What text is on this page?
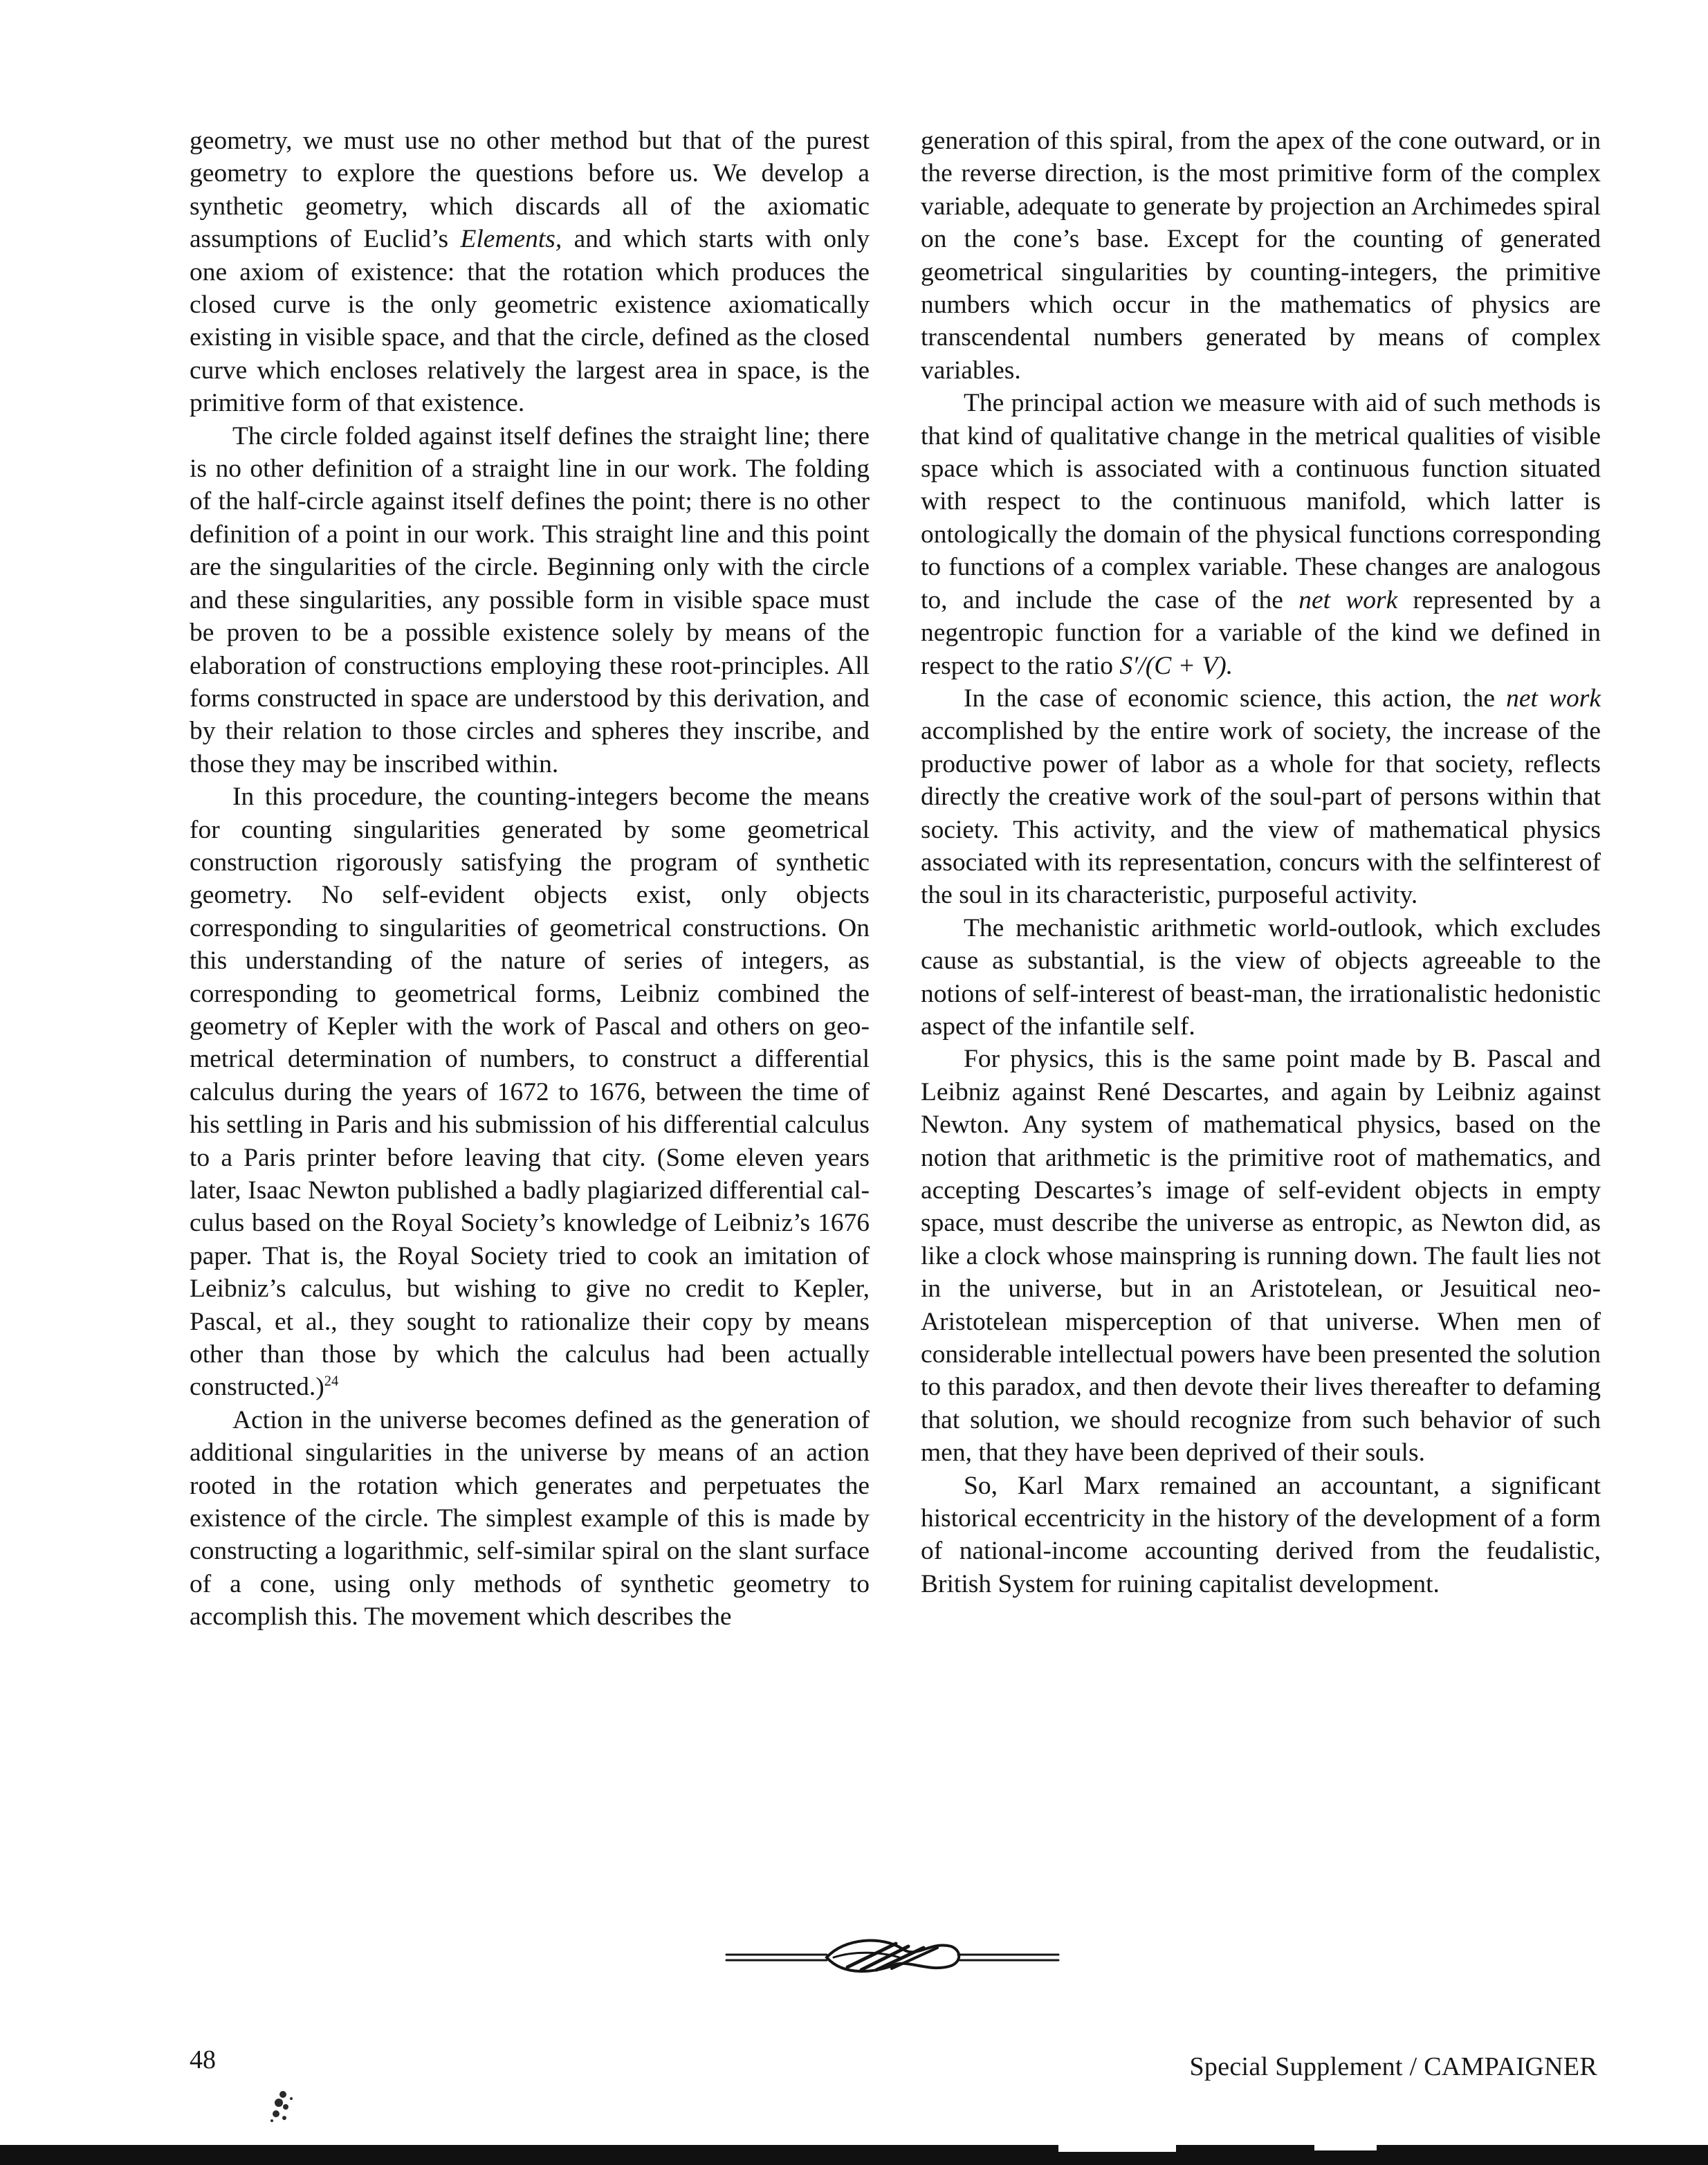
geometry, we must use no other method but that of the purest geometry to explore the questions before us. We develop a synthetic geometry, which discards all of the axiomatic assumptions of Euclid’s Elements, and which starts with only one axiom of existence: that the rotation which produces the closed curve is the only geometric existence axiomatically existing in visible space, and that the circle, defined as the closed curve which encloses relatively the largest area in space, is the primitive form of that existence.

The circle folded against itself defines the straight line; there is no other definition of a straight line in our work. The folding of the half-circle against itself defines the point; there is no other definition of a point in our work. This straight line and this point are the singularities of the circle. Beginning only with the circle and these singularities, any possible form in visible space must be proven to be a possible existence solely by means of the elaboration of constructions employing these root-principles. All forms constructed in space are understood by this derivation, and by their relation to those circles and spheres they inscribe, and those they may be inscribed within.

In this procedure, the counting-integers become the means for counting singularities generated by some geometrical construction rigorously satisfying the program of synthetic geometry. No self-evident objects exist, only objects corresponding to singularities of geometrical constructions. On this understanding of the nature of series of integers, as corresponding to geometrical forms, Leibniz combined the geometry of Kepler with the work of Pascal and others on geometrical determination of numbers, to construct a differential calculus during the years of 1672 to 1676, between the time of his settling in Paris and his submission of his differential calculus to a Paris printer before leaving that city. (Some eleven years later, Isaac Newton published a badly plagiarized differential calculus based on the Royal Society’s knowledge of Leibniz’s 1676 paper. That is, the Royal Society tried to cook an imitation of Leibniz’s calculus, but wishing to give no credit to Kepler, Pascal, et al., they sought to rationalize their copy by means other than those by which the calculus had been actually constructed.)$^{24}$

Action in the universe becomes defined as the generation of additional singularities in the universe by means of an action rooted in the rotation which generates and perpetuates the existence of the circle. The simplest example of this is made by constructing a logarithmic, self-similar spiral on the slant surface of a cone, using only methods of synthetic geometry to accomplish this. The movement which describes the

generation of this spiral, from the apex of the cone outward, or in the reverse direction, is the most primitive form of the complex variable, adequate to generate by projection an Archimedes spiral on the cone’s base. Except for the counting of generated geometrical singularities by counting-integers, the primitive numbers which occur in the mathematics of physics are transcendental numbers generated by means of complex variables.

The principal action we measure with aid of such methods is that kind of qualitative change in the metrical qualities of visible space which is associated with a continuous function situated with respect to the continuous manifold, which latter is ontologically the domain of the physical functions corresponding to functions of a complex variable. These changes are analogous to, and include the case of the net work represented by a negentropic function for a variable of the kind we defined in respect to the ratio S′/(C + V).

In the case of economic science, this action, the net work accomplished by the entire work of society, the increase of the productive power of labor as a whole for that society, reflects directly the creative work of the soul-part of persons within that society. This activity, and the view of mathematical physics associated with its representation, concurs with the selfinterest of the soul in its characteristic, purposeful activity.

The mechanistic arithmetic world-outlook, which excludes cause as substantial, is the view of objects agreeable to the notions of self-interest of beast-man, the irrationalistic hedonistic aspect of the infantile self.

For physics, this is the same point made by B. Pascal and Leibniz against René Descartes, and again by Leibniz against Newton. Any system of mathematical physics, based on the notion that arithmetic is the primitive root of mathematics, and accepting Descartes’s image of self-evident objects in empty space, must describe the universe as entropic, as Newton did, as like a clock whose mainspring is running down. The fault lies not in the universe, but in an Aristotelean, or Jesuitical neo-Aristotelean misperception of that universe. When men of considerable intellectual powers have been presented the solution to this paradox, and then devote their lives thereafter to defaming that solution, we should recognize from such behavior of such men, that they have been deprived of their souls.

So, Karl Marx remained an accountant, a significant historical eccentricity in the history of the development of a form of national-income accounting derived from the feudalistic, British System for ruining capitalist development.

48	Special Supplement / CAMPAIGNER
